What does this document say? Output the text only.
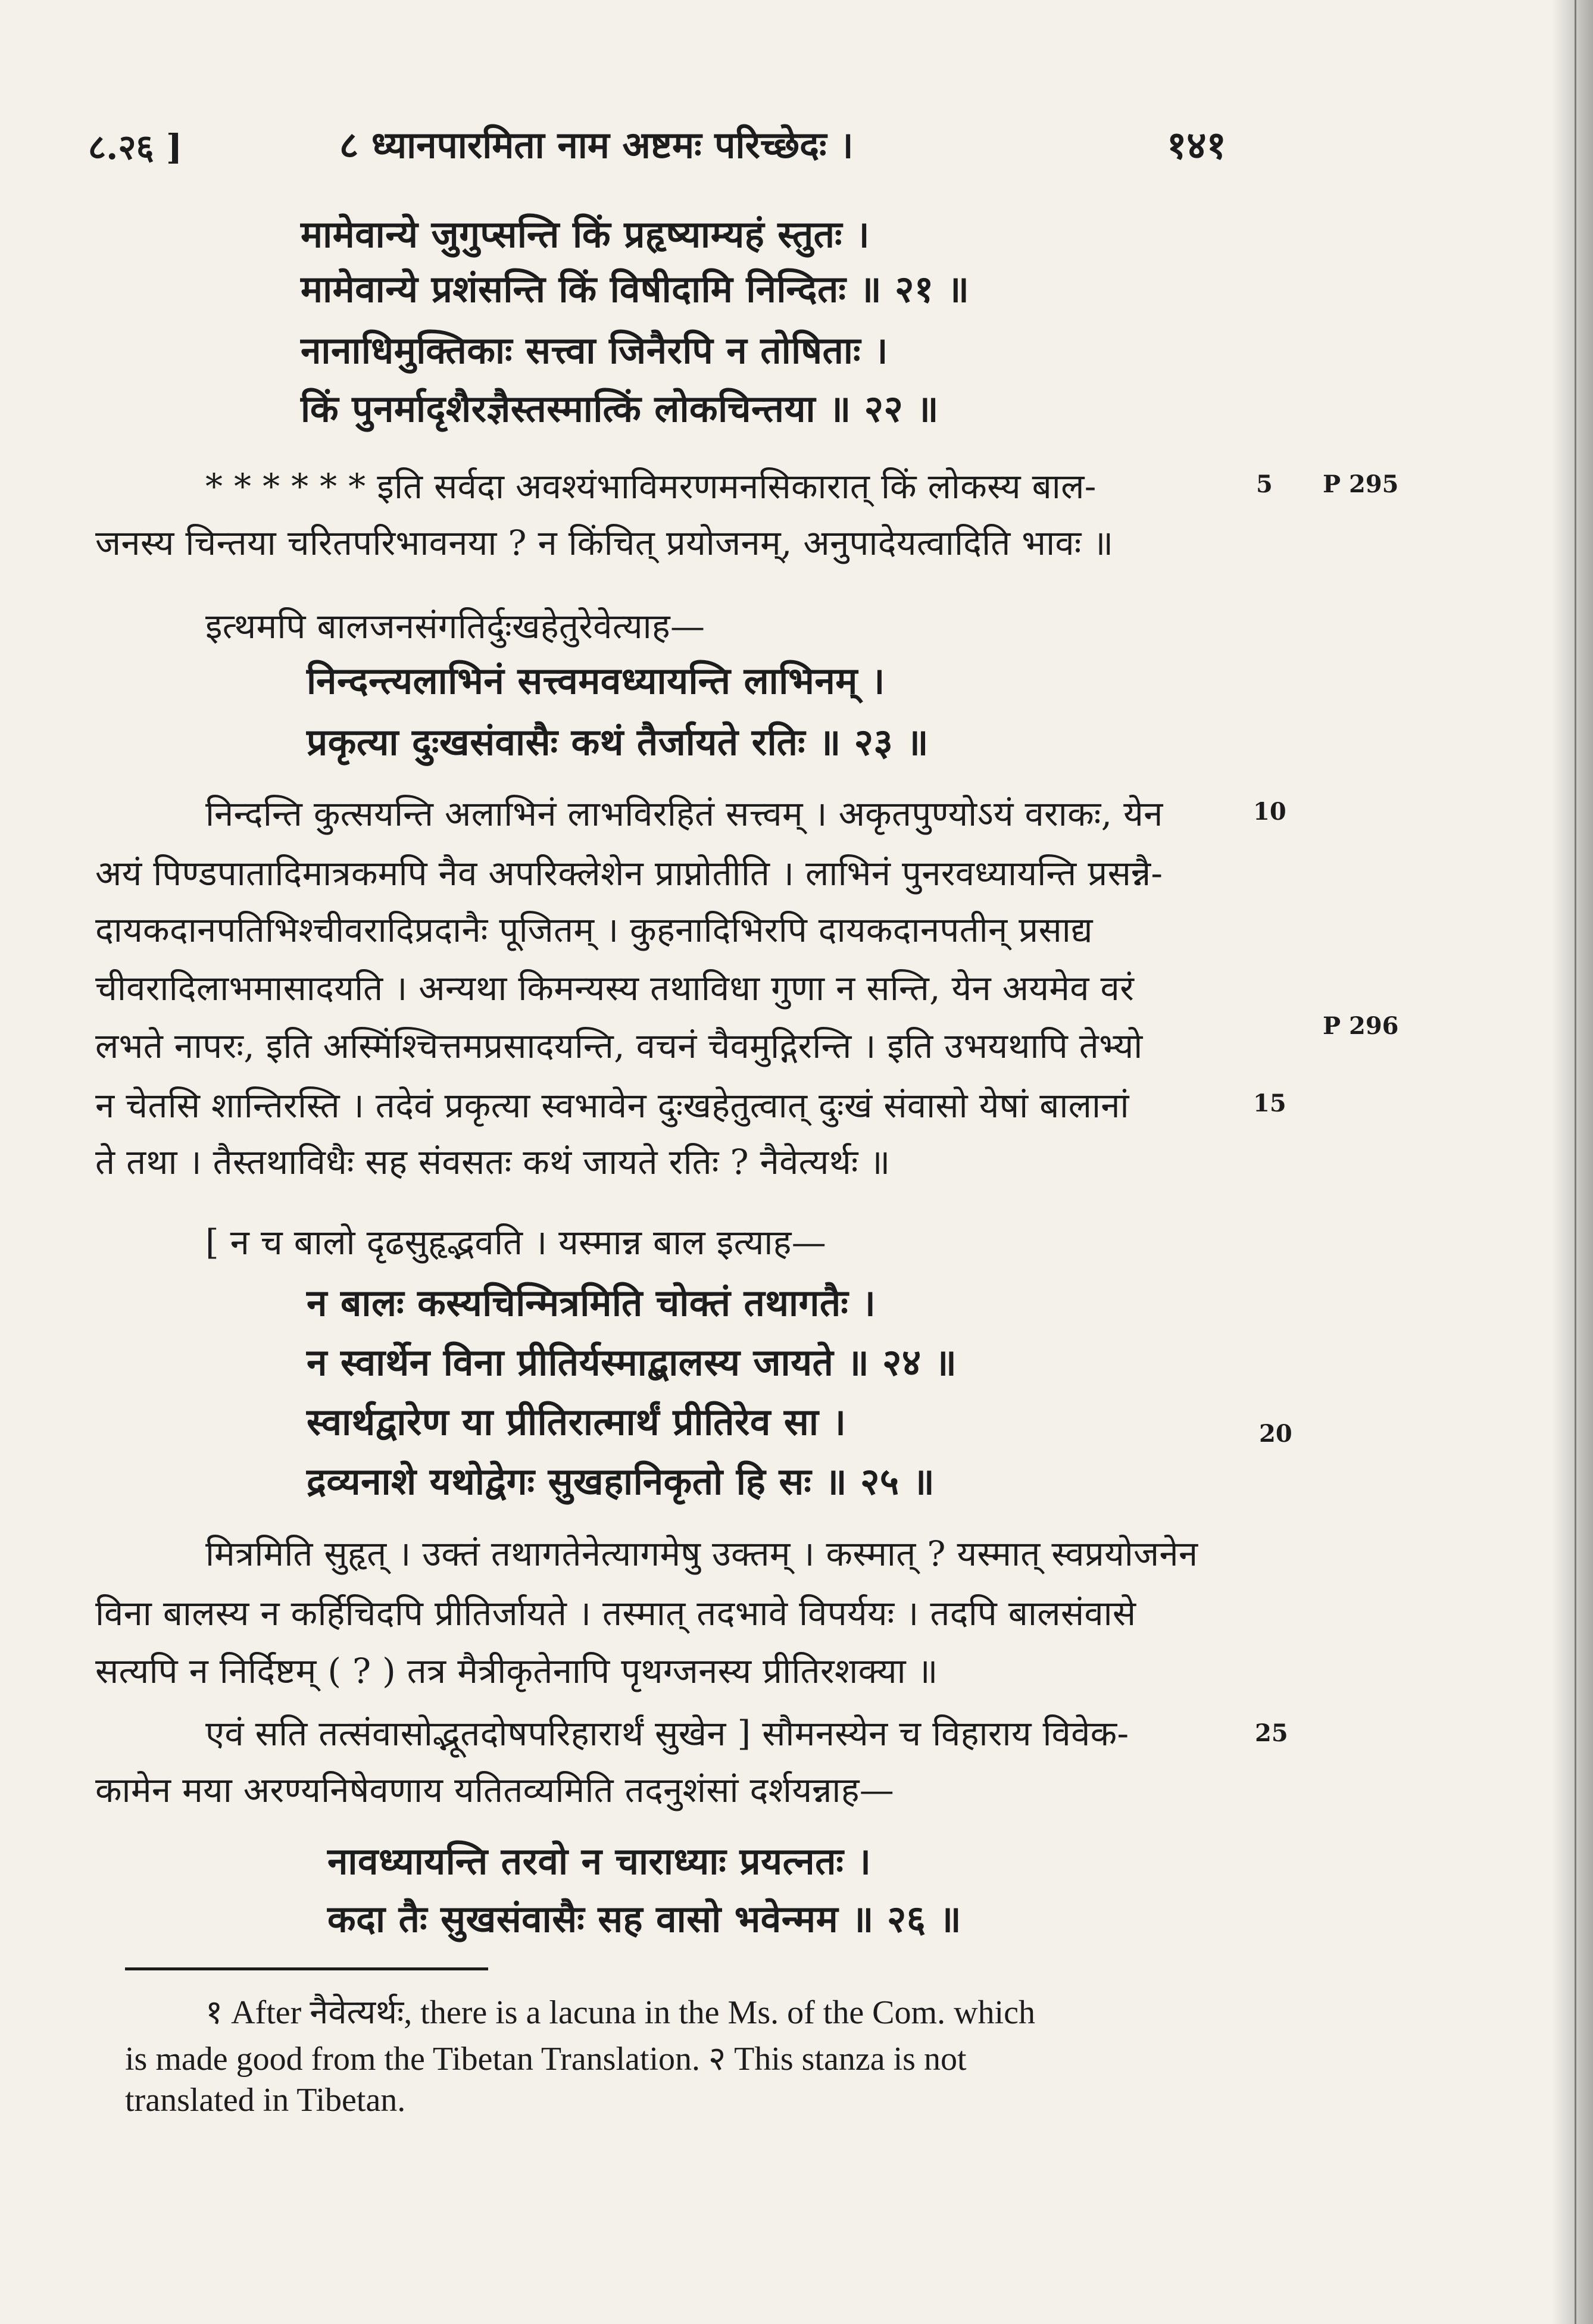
८.२६ ]	८ ध्यानपारमिता नाम अष्टमः परिच्छेदः ।	१४१
मामेवान्ये जुगुप्सन्ति किं प्रहृष्याम्यहं स्तुतः ।
मामेवान्ये प्रशंसन्ति किं विषीदामि निन्दितः ॥ २१ ॥
नानाधिमुक्तिकाः सत्त्वा जिनैरपि न तोषिताः ।
किं पुनर्मादृशैरज्ञैस्तस्मात्किं लोकचिन्तया ॥ २२ ॥
* * * * * * इति सर्वदा अवश्यंभाविमरणमनसिकारात् किं लोकस्य बाल-
जनस्य चिन्तया चरितपरिभावनया ? न किंचित् प्रयोजनम्, अनुपादेयत्वादिति भावः ॥
इत्थमपि बालजनसंगतिर्दुःखहेतुरेवेत्याह—
निन्दन्त्यलाभिनं सत्त्वमवध्यायन्ति लाभिनम् ।
प्रकृत्या दुःखसंवासैः कथं तैर्जायते रतिः ॥ २३ ॥
निन्दन्ति कुत्सयन्ति अलाभिनं लाभविरहितं सत्त्वम् । अकृतपुण्योऽयं वराकः, येन
अयं पिण्डपातादिमात्रकमपि नैव अपरिक्लेशेन प्राप्नोतीति । लाभिनं पुनरवध्यायन्ति प्रसन्नै-
दायकदानपतिभिश्चीवरादिप्रदानैः पूजितम् । कुहनादिभिरपि दायकदानपतीन् प्रसाद्य
चीवरादिलाभमासादयति । अन्यथा किमन्यस्य तथाविधा गुणा न सन्ति, येन अयमेव वरं
लभते नापरः, इति अस्मिंश्चित्तमप्रसादयन्ति, वचनं चैवमुद्गिरन्ति । इति उभयथापि तेभ्यो
न चेतसि शान्तिरस्ति । तदेवं प्रकृत्या स्वभावेन दुःखहेतुत्वात् दुःखं संवासो येषां बालानां
ते तथा । तैस्तथाविधैः सह संवसतः कथं जायते रतिः ? नैवेत्यर्थः ॥
[ न च बालो दृढसुहृद्भवति । यस्मान्न बाल इत्याह—
न बालः कस्यचिन्मित्रमिति चोक्तं तथागतैः ।
न स्वार्थेन विना प्रीतिर्यस्माद्बालस्य जायते ॥ २४ ॥
स्वार्थद्वारेण या प्रीतिरात्मार्थं प्रीतिरेव सा ।
द्रव्यनाशे यथोद्वेगः सुखहानिकृतो हि सः ॥ २५ ॥
मित्रमिति सुहृत् । उक्तं तथागतेनेत्यागमेषु उक्तम् । कस्मात् ? यस्मात् स्वप्रयोजनेन
विना बालस्य न कर्हिचिदपि प्रीतिर्जायते । तस्मात् तदभावे विपर्ययः । तदपि बालसंवासे
सत्यपि न निर्दिष्टम् ( ? ) तत्र मैत्रीकृतेनापि पृथग्जनस्य प्रीतिरशक्या ॥
एवं सति तत्संवासोद्भूतदोषपरिहारार्थं सुखेन ] सौमनस्येन च विहाराय विवेक-
कामेन मया अरण्यनिषेवणाय यतितव्यमिति तदनुशंसां दर्शयन्नाह—
नावध्यायन्ति तरवो न चाराध्याः प्रयत्नतः ।
कदा तैः सुखसंवासैः सह वासो भवेन्मम ॥ २६ ॥
5
10
15
20
25
P 295
P 296
१ After नैवेत्यर्थः, there is a lacuna in the Ms. of the Com. which
is made good from the Tibetan Translation. २ This stanza is not
translated in Tibetan.
